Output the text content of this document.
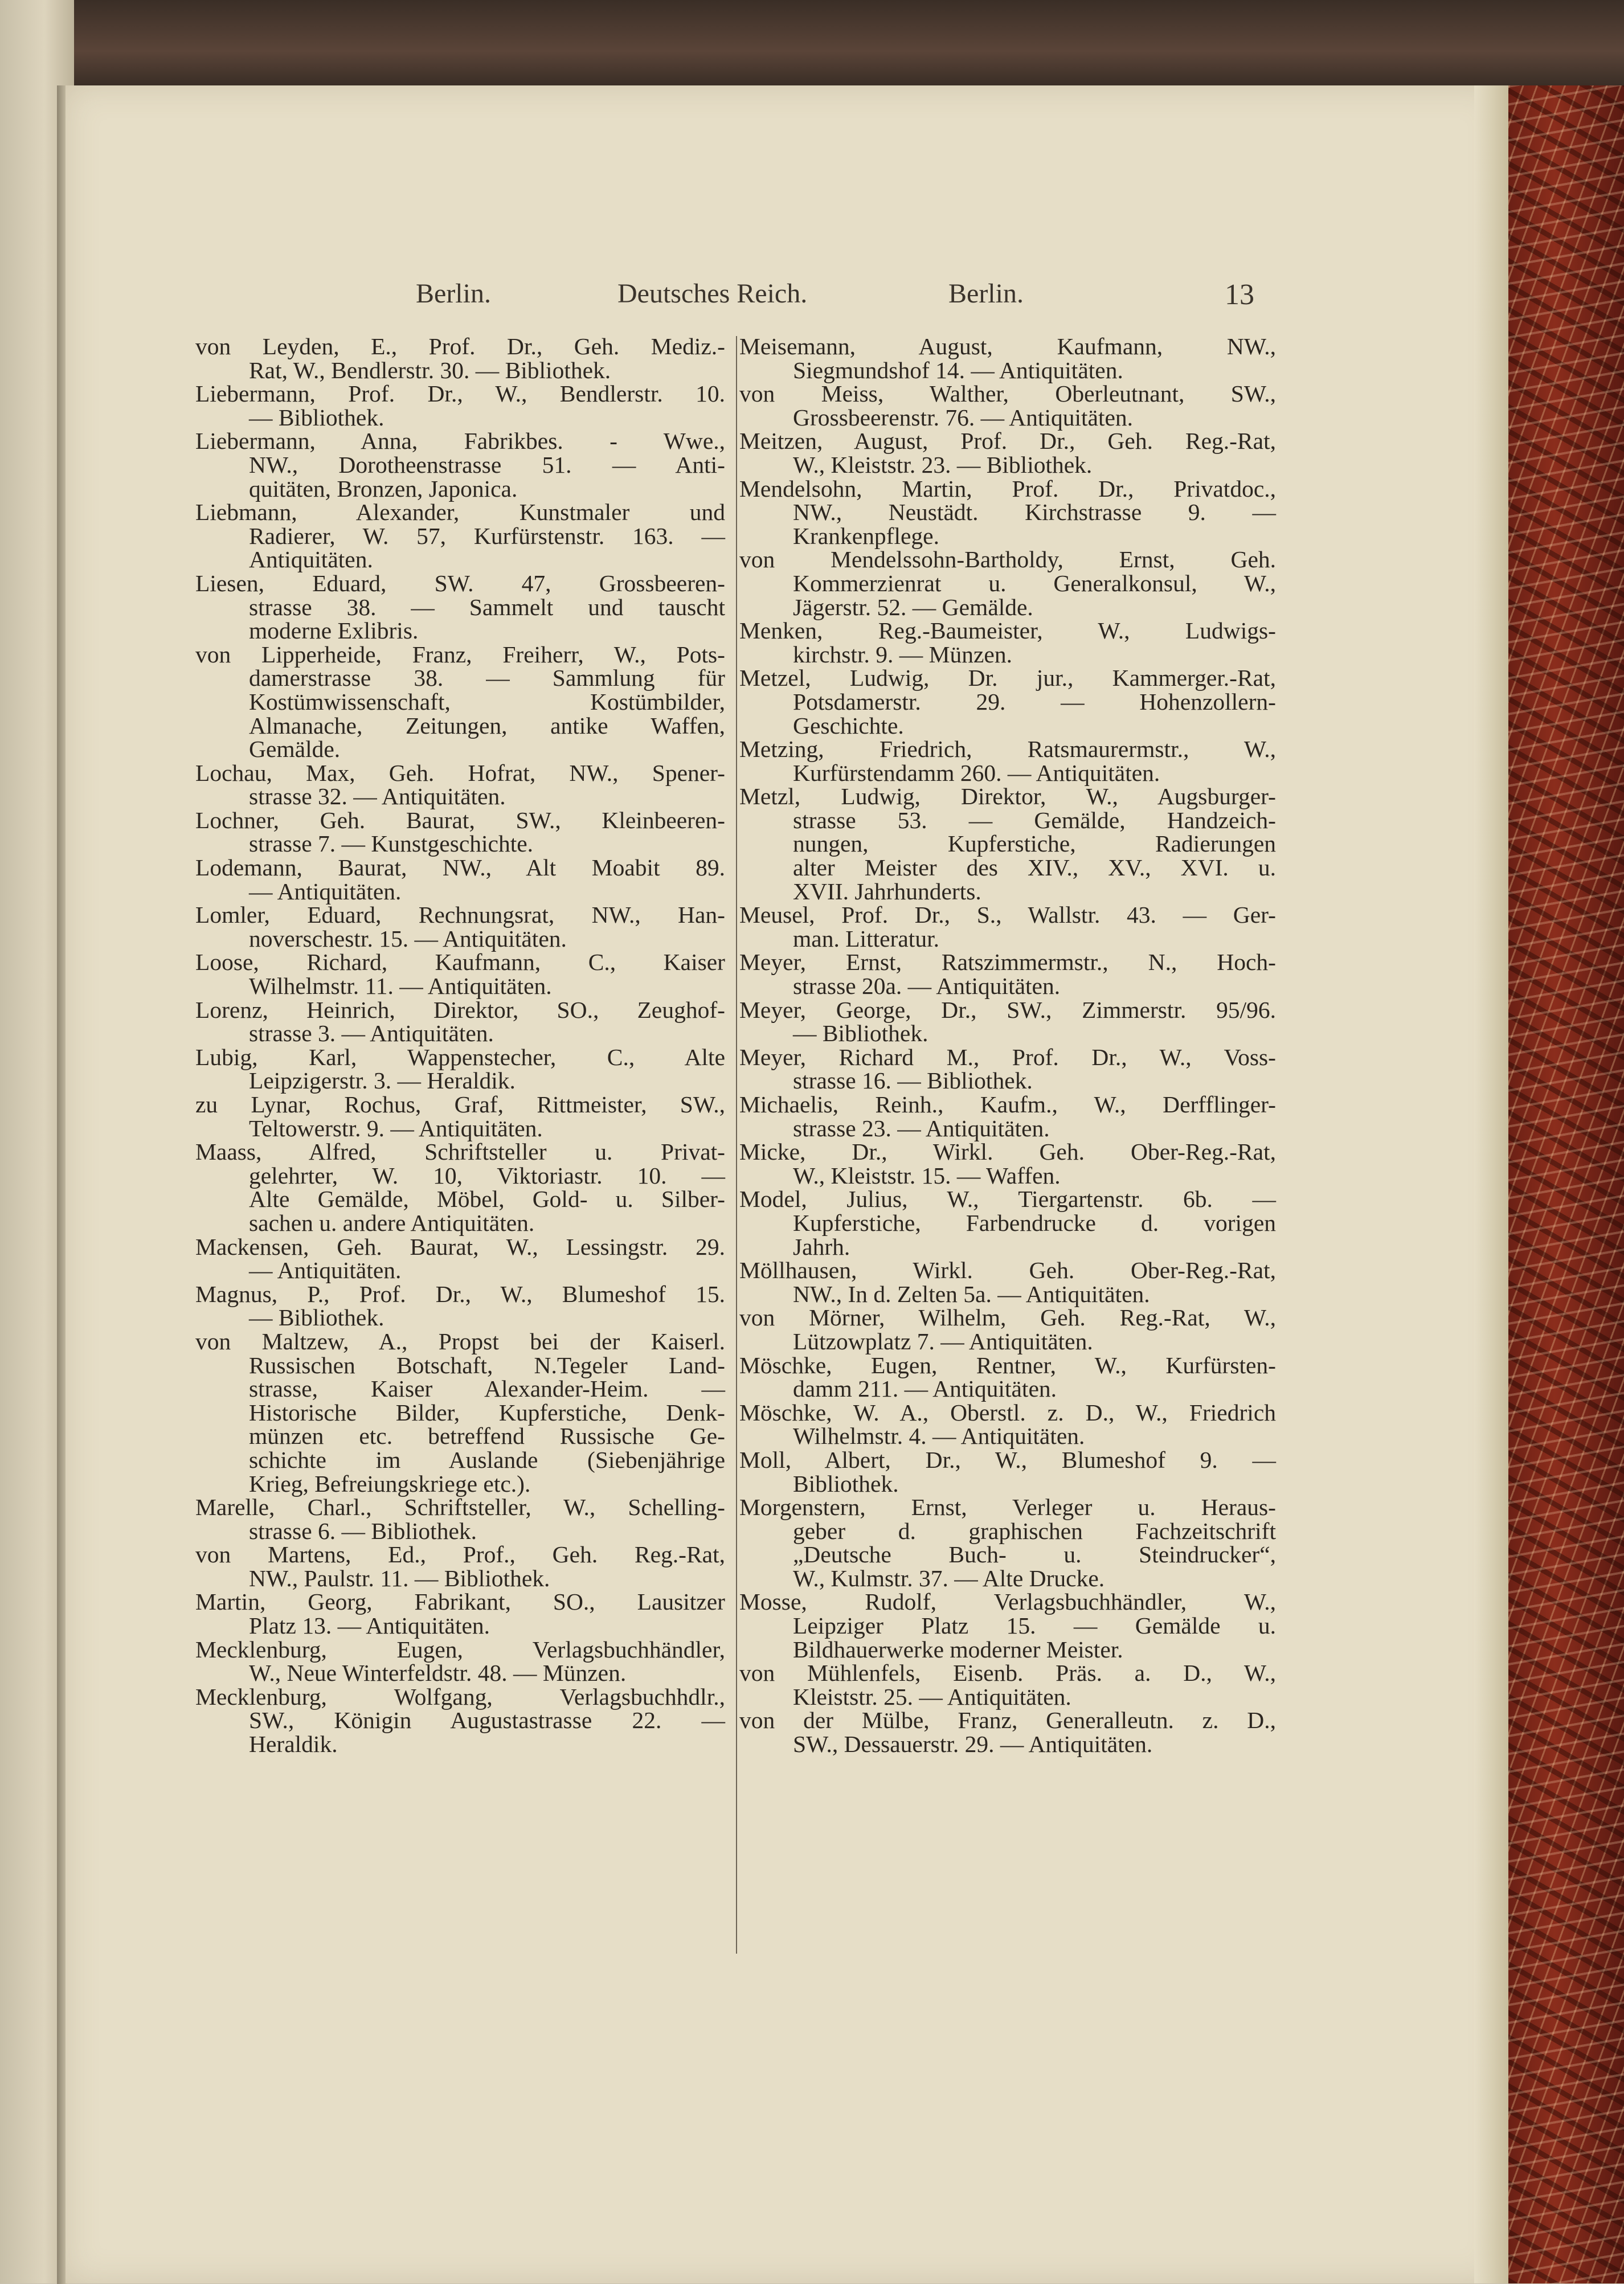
Berlin.	Deutsches Reich.	Berlin.	13
von Leyden, E., Prof. Dr., Geh. Mediz.-
Rat, W., Bendlerstr. 30. — Bibliothek.
Liebermann, Prof. Dr., W., Bendlerstr. 10.
— Bibliothek.
Liebermann, Anna, Fabrikbes. - Wwe.,
NW., Dorotheenstrasse 51. — Anti-
quitäten, Bronzen, Japonica.
Liebmann, Alexander, Kunstmaler und
Radierer, W. 57, Kurfürstenstr. 163. —
Antiquitäten.
Liesen, Eduard, SW. 47, Grossbeeren-
strasse 38. — Sammelt und tauscht
moderne Exlibris.
von Lipperheide, Franz, Freiherr, W., Pots-
damerstrasse 38. — Sammlung für
Kostümwissenschaft, Kostümbilder,
Almanache, Zeitungen, antike Waffen,
Gemälde.
Lochau, Max, Geh. Hofrat, NW., Spener-
strasse 32. — Antiquitäten.
Lochner, Geh. Baurat, SW., Kleinbeeren-
strasse 7. — Kunstgeschichte.
Lodemann, Baurat, NW., Alt Moabit 89.
— Antiquitäten.
Lomler, Eduard, Rechnungsrat, NW., Han-
noverschestr. 15. — Antiquitäten.
Loose, Richard, Kaufmann, C., Kaiser
Wilhelmstr. 11. — Antiquitäten.
Lorenz, Heinrich, Direktor, SO., Zeughof-
strasse 3. — Antiquitäten.
Lubig, Karl, Wappenstecher, C., Alte
Leipzigerstr. 3. — Heraldik.
zu Lynar, Rochus, Graf, Rittmeister, SW.,
Teltowerstr. 9. — Antiquitäten.
Maass, Alfred, Schriftsteller u. Privat-
gelehrter, W. 10, Viktoriastr. 10. —
Alte Gemälde, Möbel, Gold- u. Silber-
sachen u. andere Antiquitäten.
Mackensen, Geh. Baurat, W., Lessingstr. 29.
— Antiquitäten.
Magnus, P., Prof. Dr., W., Blumeshof 15.
— Bibliothek.
von Maltzew, A., Propst bei der Kaiserl.
Russischen Botschaft, N.Tegeler Land-
strasse, Kaiser Alexander-Heim. —
Historische Bilder, Kupferstiche, Denk-
münzen etc. betreffend Russische Ge-
schichte im Auslande (Siebenjährige
Krieg, Befreiungskriege etc.).
Marelle, Charl., Schriftsteller, W., Schelling-
strasse 6. — Bibliothek.
von Martens, Ed., Prof., Geh. Reg.-Rat,
NW., Paulstr. 11. — Bibliothek.
Martin, Georg, Fabrikant, SO., Lausitzer
Platz 13. — Antiquitäten.
Mecklenburg, Eugen, Verlagsbuchhändler,
W., Neue Winterfeldstr. 48. — Münzen.
Mecklenburg, Wolfgang, Verlagsbuchhdlr.,
SW., Königin Augustastrasse 22. —
Heraldik.
Meisemann, August, Kaufmann, NW.,
Siegmundshof 14. — Antiquitäten.
von Meiss, Walther, Oberleutnant, SW.,
Grossbeerenstr. 76. — Antiquitäten.
Meitzen, August, Prof. Dr., Geh. Reg.-Rat,
W., Kleiststr. 23. — Bibliothek.
Mendelsohn, Martin, Prof. Dr., Privatdoc.,
NW., Neustädt. Kirchstrasse 9. —
Krankenpflege.
von Mendelssohn-Bartholdy, Ernst, Geh.
Kommerzienrat u. Generalkonsul, W.,
Jägerstr. 52. — Gemälde.
Menken, Reg.-Baumeister, W., Ludwigs-
kirchstr. 9. — Münzen.
Metzel, Ludwig, Dr. jur., Kammerger.-Rat,
Potsdamerstr. 29. — Hohenzollern-
Geschichte.
Metzing, Friedrich, Ratsmaurermstr., W.,
Kurfürstendamm 260. — Antiquitäten.
Metzl, Ludwig, Direktor, W., Augsburger-
strasse 53. — Gemälde, Handzeich-
nungen, Kupferstiche, Radierungen
alter Meister des XIV., XV., XVI. u.
XVII. Jahrhunderts.
Meusel, Prof. Dr., S., Wallstr. 43. — Ger-
man. Litteratur.
Meyer, Ernst, Ratszimmermstr., N., Hoch-
strasse 20a. — Antiquitäten.
Meyer, George, Dr., SW., Zimmerstr. 95/96.
— Bibliothek.
Meyer, Richard M., Prof. Dr., W., Voss-
strasse 16. — Bibliothek.
Michaelis, Reinh., Kaufm., W., Derfflinger-
strasse 23. — Antiquitäten.
Micke, Dr., Wirkl. Geh. Ober-Reg.-Rat,
W., Kleiststr. 15. — Waffen.
Model, Julius, W., Tiergartenstr. 6b. —
Kupferstiche, Farbendrucke d. vorigen
Jahrh.
Möllhausen, Wirkl. Geh. Ober-Reg.-Rat,
NW., In d. Zelten 5a. — Antiquitäten.
von Mörner, Wilhelm, Geh. Reg.-Rat, W.,
Lützowplatz 7. — Antiquitäten.
Möschke, Eugen, Rentner, W., Kurfürsten-
damm 211. — Antiquitäten.
Möschke, W. A., Oberstl. z. D., W., Friedrich
Wilhelmstr. 4. — Antiquitäten.
Moll, Albert, Dr., W., Blumeshof 9. —
Bibliothek.
Morgenstern, Ernst, Verleger u. Heraus-
geber d. graphischen Fachzeitschrift
„Deutsche Buch- u. Steindrucker“,
W., Kulmstr. 37. — Alte Drucke.
Mosse, Rudolf, Verlagsbuchhändler, W.,
Leipziger Platz 15. — Gemälde u.
Bildhauerwerke moderner Meister.
von Mühlenfels, Eisenb. Präs. a. D., W.,
Kleiststr. 25. — Antiquitäten.
von der Mülbe, Franz, Generalleutn. z. D.,
SW., Dessauerstr. 29. — Antiquitäten.
